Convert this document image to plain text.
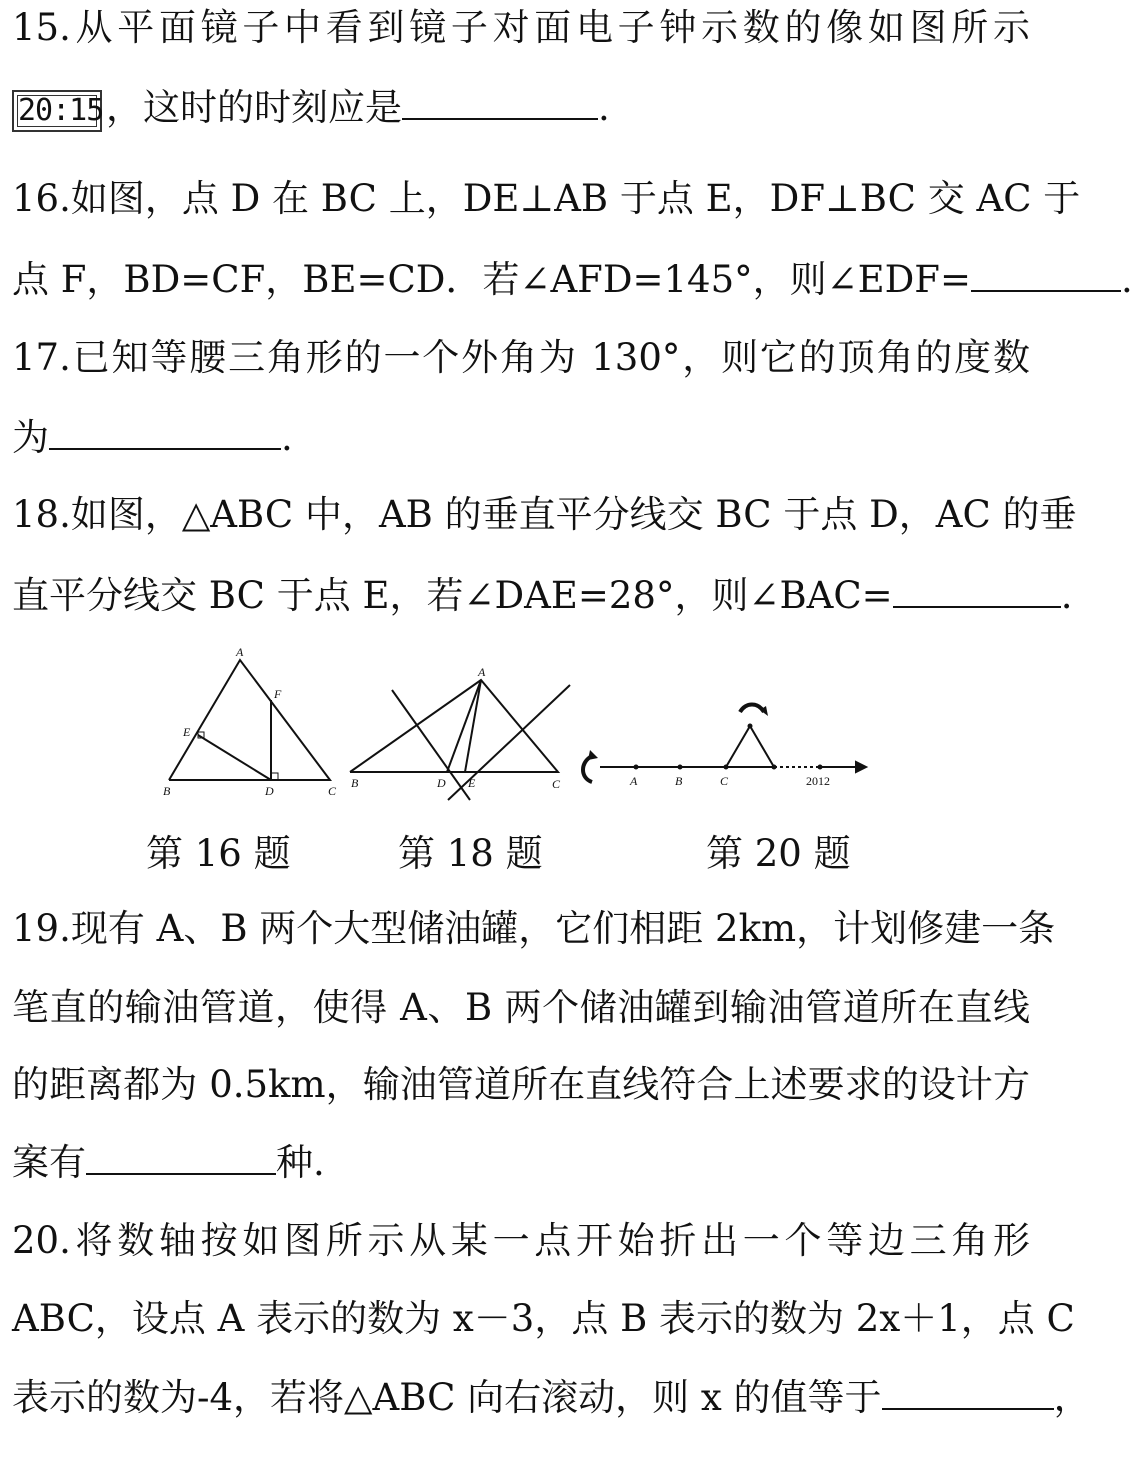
15.从平面镜子中看到镜子对面电子钟示数的像如图所示
20:15 ，这时的时刻应是	.
16.如图，点 D 在 BC 上，DE⊥AB 于点 E，DF⊥BC 交 AC 于
点 F，BD=CF，BE=CD．若∠AFD=145°，则∠EDF=	.
17.已知等腰三角形的一个外角为 130°，则它的顶角的度数
为	.
18.如图，△ABC 中，AB 的垂直平分线交 BC 于点 D，AC 的垂
直平分线交 BC 于点 E，若∠DAE=28°，则∠BAC=	.
A
B	C
D
E
F
A
B	C
D E	A	B	C	2012
第 16 题	第 18 题	第 20 题
19.现有 A、B 两个大型储油罐，它们相距 2km，计划修建一条
笔直的输油管道，使得 A、B 两个储油罐到输油管道所在直线
的距离都为 0.5km，输油管道所在直线符合上述要求的设计方
案有	种.
20.将数轴按如图所示从某一点开始折出一个等边三角形
ABC，设点 A 表示的数为 x－3，点 B 表示的数为 2x＋1，点 C
表示的数为-4，若将△ABC 向右滚动，则 x 的值等于	，
